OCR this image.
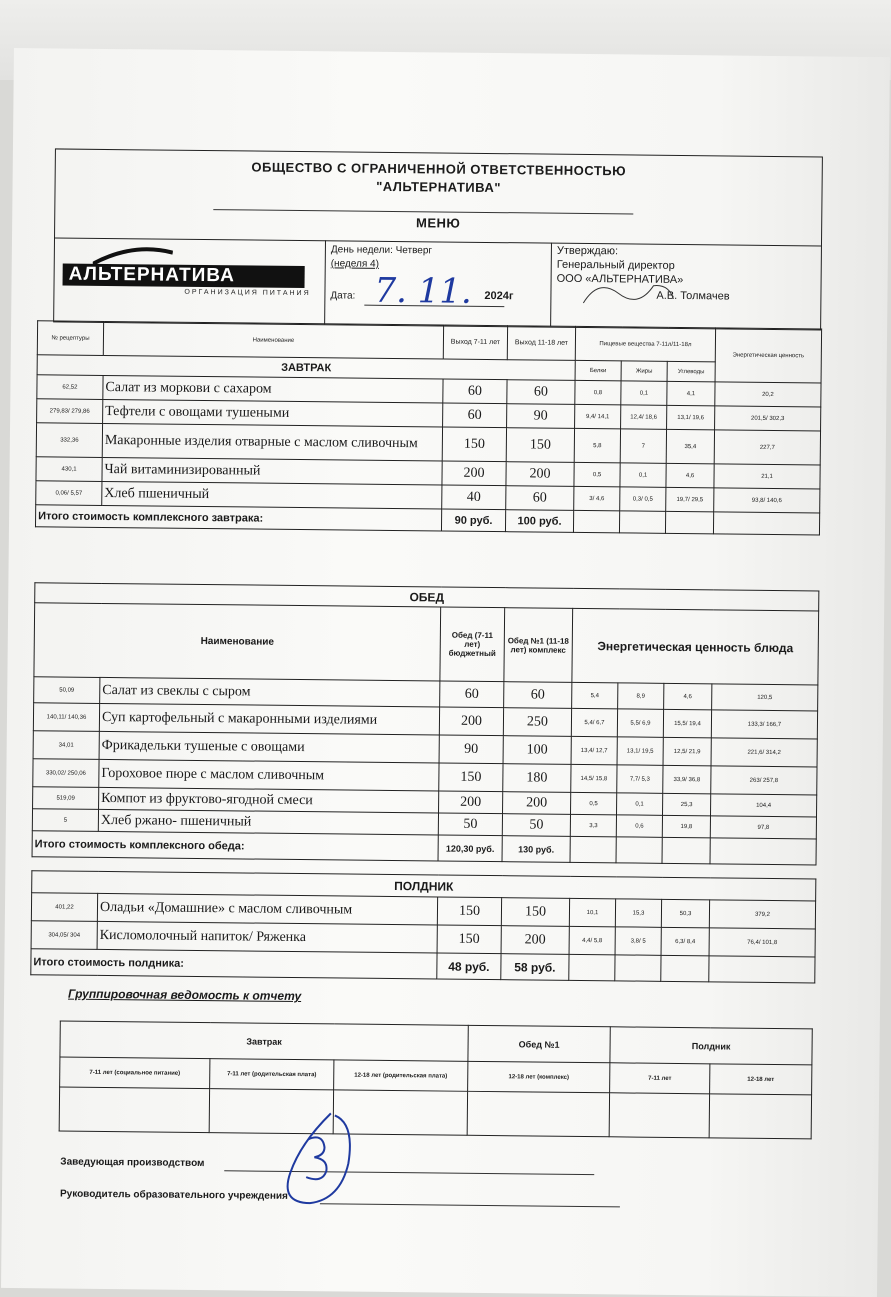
ОБЩЕСТВО С ОГРАНИЧЕННОЙ ОТВЕТСТВЕННОСТЬЮ
"АЛЬТЕРНАТИВА"
МЕНЮ
АЛЬТЕРНАТИВА
ОРГАНИЗАЦИЯ ПИТАНИЯ
День недели: Четверг
(неделя 4)
Дата: 7. 11. 2024г
Утверждаю:
Генеральный директор
ООО «АЛЬТЕРНАТИВА»
А.В. Толмачев
№ рецептуры	Наименование	Выход 7-11 лет	Выход 11-18 лет	Пищевые вещества 7-11л/11-18л			Энергетическая ценность
ЗАВТРАК				Белки	Жиры	Углеводы	
62,52	Салат из моркови с сахаром	60	60	0,8	0,1	4,1	20,2
279,83/ 279,86	Тефтели с овощами тушеными	60	90	9,4/ 14,1	12,4/ 18,6	13,1/ 19,6	201,5/ 302,3
332,36	Макаронные изделия отварные с маслом сливочным	150	150	5,8	7	35,4	227,7
430,1	Чай витаминизированный	200	200	0,5	0,1	4,6	21,1
0,06/ 5,57	Хлеб пшеничный	40	60	3/ 4,6	0,3/ 0,5	19,7/ 29,5	93,8/ 140,6
Итого стоимость комплексного завтрака:		90 руб.	100 руб.				
ОБЕД							
Наименование		Обед (7-11 лет) бюджетный	Обед №1 (11-18 лет) комплекс	Энергетическая ценность блюда			
50,09	Салат из свеклы с сыром	60	60	5,4	8,9	4,6	120,5
140,11/ 140,36	Суп картофельный с макаронными изделиями	200	250	5,4/ 6,7	5,5/ 6,9	15,5/ 19,4	133,3/ 166,7
34,01	Фрикадельки тушеные с овощами	90	100	13,4/ 12,7	13,1/ 19,5	12,5/ 21,9	221,6/ 314,2
330,02/ 250,06	Гороховое пюре с маслом сливочным	150	180	14,5/ 15,8	7,7/ 5,3	33,9/ 36,8	263/ 257,8
519,09	Компот из фруктово-ягодной смеси	200	200	0,5	0,1	25,3	104,4
5	Хлеб ржано- пшеничный	50	50	3,3	0,6	19,8	97,8
Итого стоимость комплексного обеда:		120,30 руб.	130 руб.				
ПОЛДНИК							
401,22	Оладьи «Домашние» с маслом сливочным	150	150	10,1	15,3	50,3	379,2
304,05/ 304	Кисломолочный напиток/ Ряженка	150	200	4,4/ 5,8	3,8/ 5	6,3/ 8,4	76,4/ 101,8
Итого стоимость полдника:		48 руб.	58 руб.				
Группировочная ведомость к отчету
Завтрак			Обед №1	Полдник	
7-11 лет (социальное питание)	7-11 лет (родительская плата)	12-18 лет (родительская плата)	12-18 лет (комплекс)	7-11 лет	12-18 лет

Заведующая производством
Руководитель образовательного учреждения
